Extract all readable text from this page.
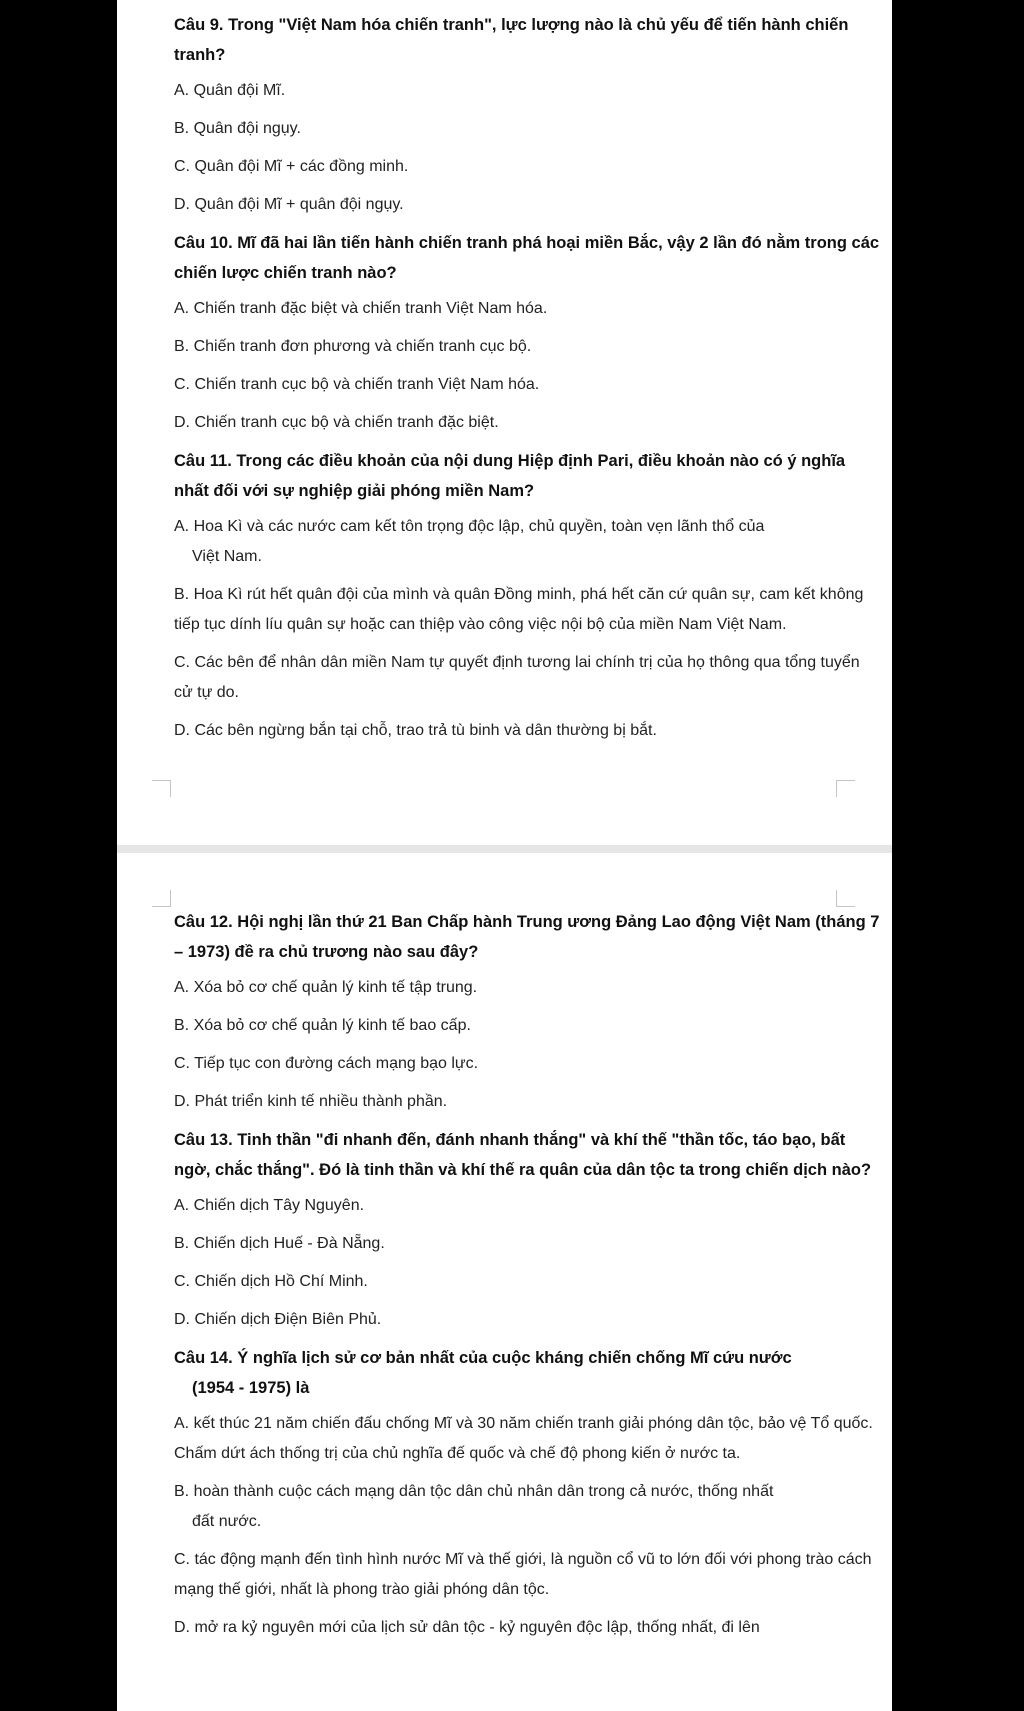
Câu 9. Trong "Việt Nam hóa chiến tranh", lực lượng nào là chủ yếu để tiến hành chiến tranh?

A. Quân đội Mĩ.

B. Quân đội ngụy.

C. Quân đội Mĩ + các đồng minh.

D. Quân đội Mĩ + quân đội ngụy.

Câu 10. Mĩ đã hai lần tiến hành chiến tranh phá hoại miền Bắc, vậy 2 lần đó nằm trong các chiến lược chiến tranh nào?

A. Chiến tranh đặc biệt và chiến tranh Việt Nam hóa.

B. Chiến tranh đơn phương và chiến tranh cục bộ.

C. Chiến tranh cục bộ và chiến tranh Việt Nam hóa.

D. Chiến tranh cục bộ và chiến tranh đặc biệt.

Câu 11. Trong các điều khoản của nội dung Hiệp định Pari, điều khoản nào có ý nghĩa nhất đối với sự nghiệp giải phóng miền Nam?

A. Hoa Kì và các nước cam kết tôn trọng độc lập, chủ quyền, toàn vẹn lãnh thổ của
Việt Nam.

B. Hoa Kì rút hết quân đội của mình và quân Đồng minh, phá hết căn cứ quân sự, cam kết không tiếp tục dính líu quân sự hoặc can thiệp vào công việc nội bộ của miền Nam Việt Nam.

C. Các bên để nhân dân miền Nam tự quyết định tương lai chính trị của họ thông qua tổng tuyển cử tự do.

D. Các bên ngừng bắn tại chỗ, trao trả tù binh và dân thường bị bắt.

Câu 12. Hội nghị lần thứ 21 Ban Chấp hành Trung ương Đảng Lao động Việt Nam (tháng 7 – 1973) đề ra chủ trương nào sau đây?

A. Xóa bỏ cơ chế quản lý kinh tế tập trung.

B. Xóa bỏ cơ chế quản lý kinh tế bao cấp.

C. Tiếp tục con đường cách mạng bạo lực.

D. Phát triển kinh tế nhiều thành phần.

Câu 13. Tinh thần "đi nhanh đến, đánh nhanh thắng" và khí thế "thần tốc, táo bạo, bất ngờ, chắc thắng". Đó là tinh thần và khí thế ra quân của dân tộc ta trong chiến dịch nào?

A. Chiến dịch Tây Nguyên.

B. Chiến dịch Huế - Đà Nẵng.

C. Chiến dịch Hồ Chí Minh.

D. Chiến dịch Điện Biên Phủ.

Câu 14. Ý nghĩa lịch sử cơ bản nhất của cuộc kháng chiến chống Mĩ cứu nước
(1954 - 1975) là

A. kết thúc 21 năm chiến đấu chống Mĩ và 30 năm chiến tranh giải phóng dân tộc, bảo vệ Tổ quốc. Chấm dứt ách thống trị của chủ nghĩa đế quốc và chế độ phong kiến ở nước ta.

B. hoàn thành cuộc cách mạng dân tộc dân chủ nhân dân trong cả nước, thống nhất
đất nước.

C. tác động mạnh đến tình hình nước Mĩ và thế giới, là nguồn cổ vũ to lớn đối với phong trào cách mạng thế giới, nhất là phong trào giải phóng dân tộc.

D. mở ra kỷ nguyên mới của lịch sử dân tộc - kỷ nguyên độc lập, thống nhất, đi lên
